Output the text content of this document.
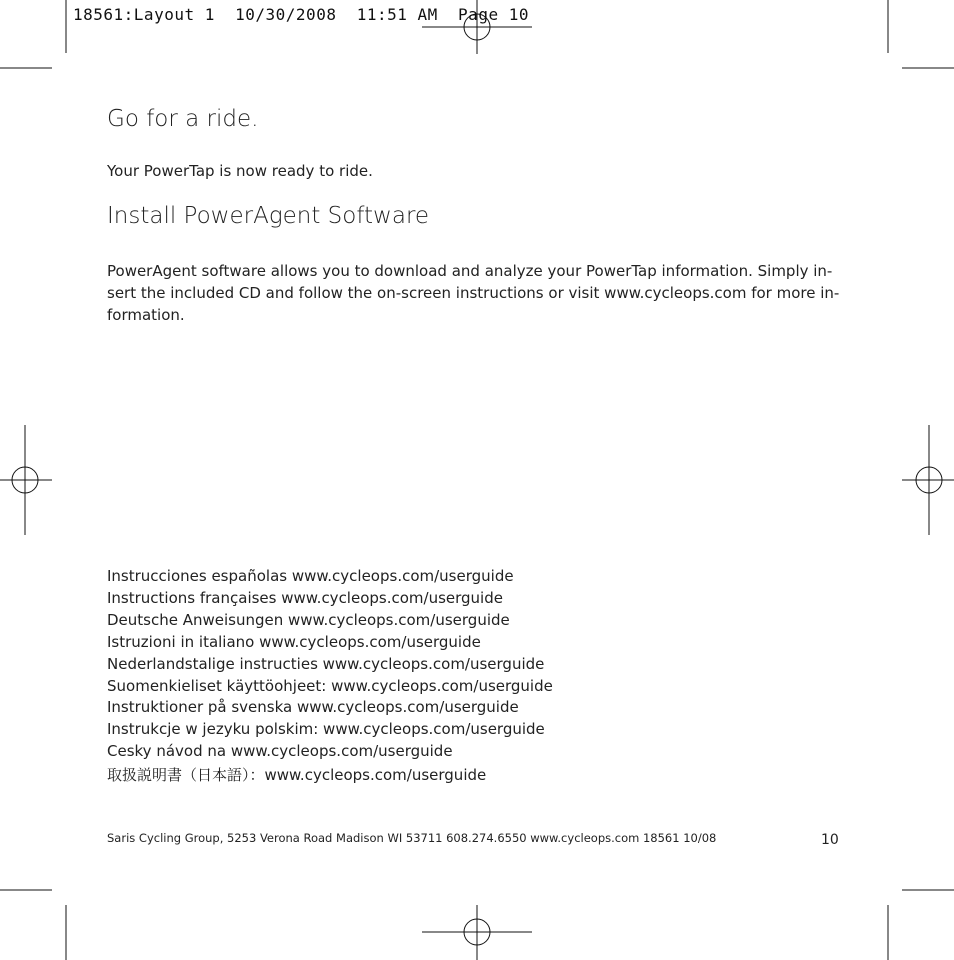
18561:Layout 1  10/30/2008  11:51 AM  Page 10
Go for a ride.
Your PowerTap is now ready to ride.
Install PowerAgent Software

PowerAgent software allows you to download and analyze your PowerTap information. Simply in-sert the included CD and follow the on-screen instructions or visit www.cycleops.com for more in-formation.

Instrucciones españolas www.cycleops.com/userguide
Instructions françaises www.cycleops.com/userguide
Deutsche Anweisungen www.cycleops.com/userguide
Istruzioni in italiano www.cycleops.com/userguide
Nederlandstalige instructies www.cycleops.com/userguide
Suomenkieliset käyttöohjeet: www.cycleops.com/userguide
Instruktioner på svenska www.cycleops.com/userguide
Instrukcje w jezyku polskim: www.cycleops.com/userguide
Cesky návod na www.cycleops.com/userguide
取扱説明書（日本語）：www.cycleops.com/userguide
Saris Cycling Group, 5253 Verona Road Madison WI 53711 608.274.6550 www.cycleops.com 18561 10/08	10
